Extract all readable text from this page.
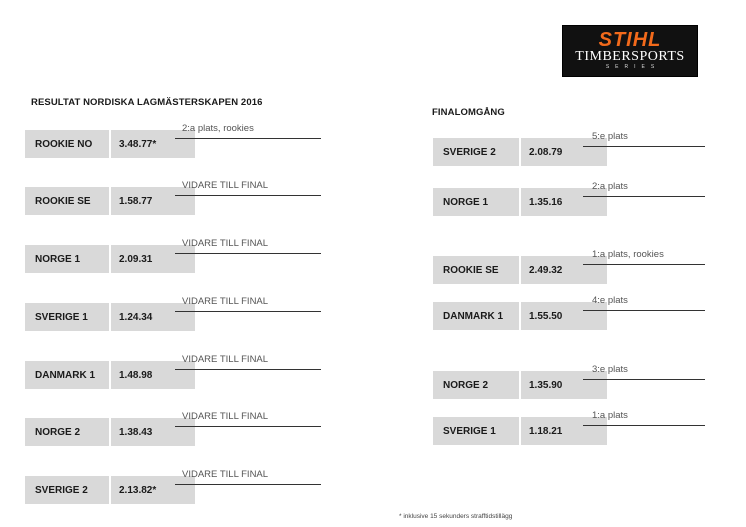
STIHL
TIMBERSPORTS
SERIES
RESULTAT NORDISKA LAGMÄSTERSKAPEN 2016
FINALOMGÅNG
ROOKIE NO	3.48.77*
2:a plats, rookies
ROOKIE SE	1.58.77
VIDARE TILL FINAL
NORGE 1	2.09.31
VIDARE TILL FINAL
SVERIGE 1	1.24.34
VIDARE TILL FINAL
DANMARK 1	1.48.98
VIDARE TILL FINAL
NORGE 2	1.38.43
VIDARE TILL FINAL
SVERIGE 2	2.13.82*
VIDARE TILL FINAL
SVERIGE 2	2.08.79
5:e plats
NORGE 1	1.35.16
2:a plats
ROOKIE SE	2.49.32
1:a plats, rookies
DANMARK 1	1.55.50
4:e plats
NORGE 2	1.35.90
3:e plats
SVERIGE 1	1.18.21
1:a plats
* inklusive 15 sekunders strafftidstillägg
